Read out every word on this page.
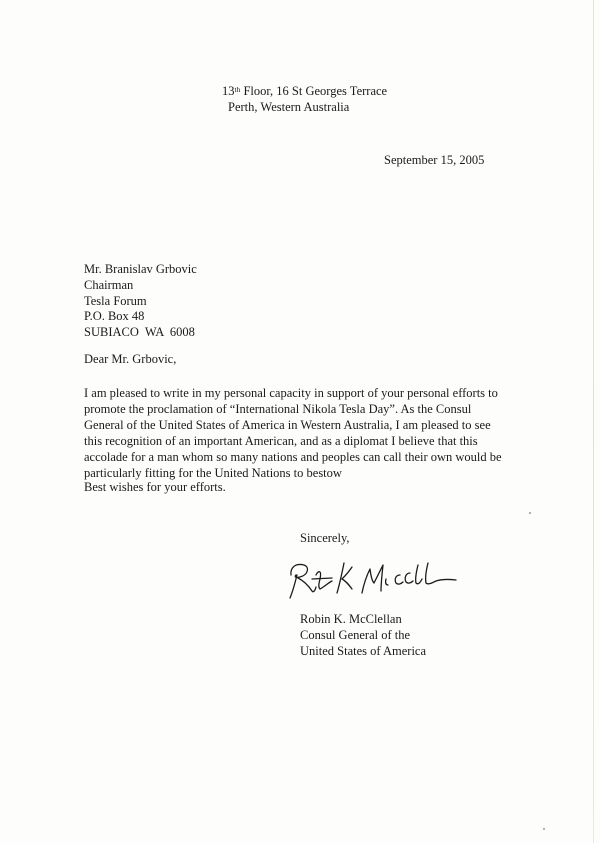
13th Floor, 16 St Georges Terrace
Perth, Western Australia
September 15, 2005
Mr. Branislav Grbovic
Chairman
Tesla Forum
P.O. Box 48
SUBIACO  WA  6008
Dear Mr. Grbovic,
I am pleased to write in my personal capacity in support of your personal efforts to
promote the proclamation of “International Nikola Tesla Day”. As the Consul
General of the United States of America in Western Australia, I am pleased to see
this recognition of an important American, and as a diplomat I believe that this
accolade for a man whom so many nations and peoples can call their own would be
particularly fitting for the United Nations to bestow
Best wishes for your efforts.
Sincerely,
Robin K. McClellan
Consul General of the
United States of America
